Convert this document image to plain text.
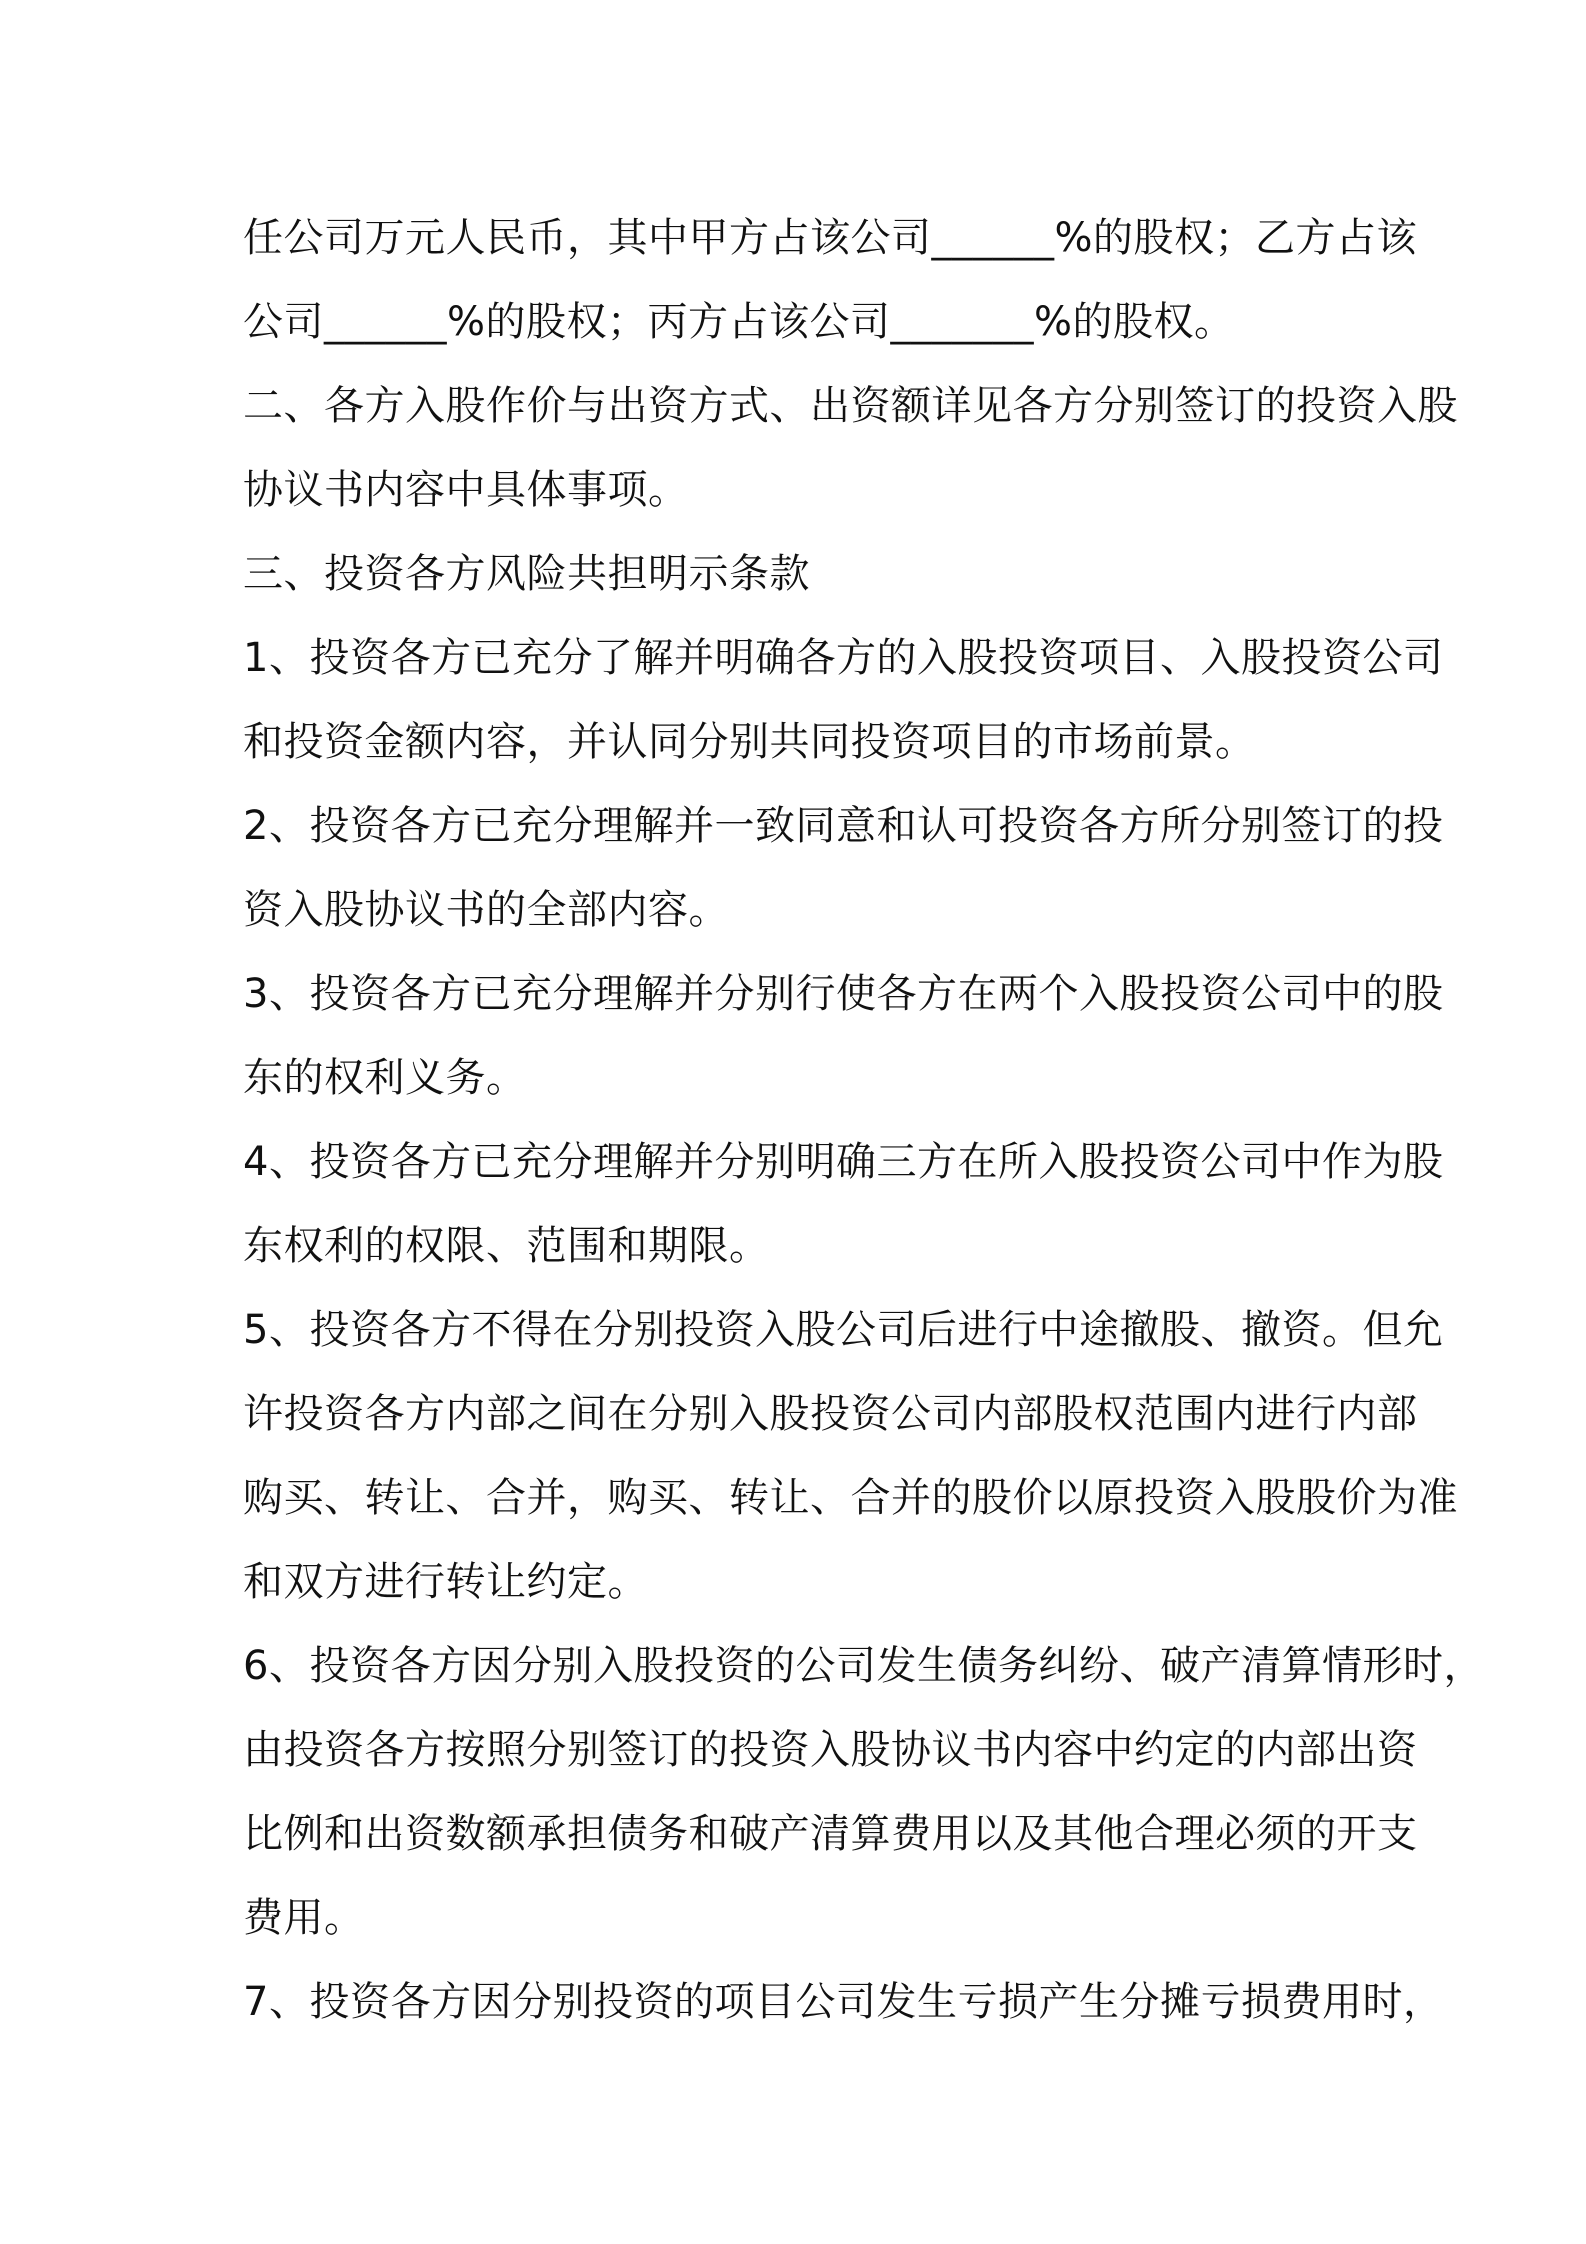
任公司万元人民币，其中甲方占该公司______%的股权；乙方占该
公司______%的股权；丙方占该公司_______%的股权。
二、各方入股作价与出资方式、出资额详见各方分别签订的投资入股
协议书内容中具体事项。
三、投资各方风险共担明示条款
1、投资各方已充分了解并明确各方的入股投资项目、入股投资公司
和投资金额内容，并认同分别共同投资项目的市场前景。
2、投资各方已充分理解并一致同意和认可投资各方所分别签订的投
资入股协议书的全部内容。
3、投资各方已充分理解并分别行使各方在两个入股投资公司中的股
东的权利义务。
4、投资各方已充分理解并分别明确三方在所入股投资公司中作为股
东权利的权限、范围和期限。
5、投资各方不得在分别投资入股公司后进行中途撤股、撤资。但允
许投资各方内部之间在分别入股投资公司内部股权范围内进行内部
购买、转让、合并，购买、转让、合并的股价以原投资入股股价为准
和双方进行转让约定。
6、投资各方因分别入股投资的公司发生债务纠纷、破产清算情形时，
由投资各方按照分别签订的投资入股协议书内容中约定的内部出资
比例和出资数额承担债务和破产清算费用以及其他合理必须的开支
费用。
7、投资各方因分别投资的项目公司发生亏损产生分摊亏损费用时，
